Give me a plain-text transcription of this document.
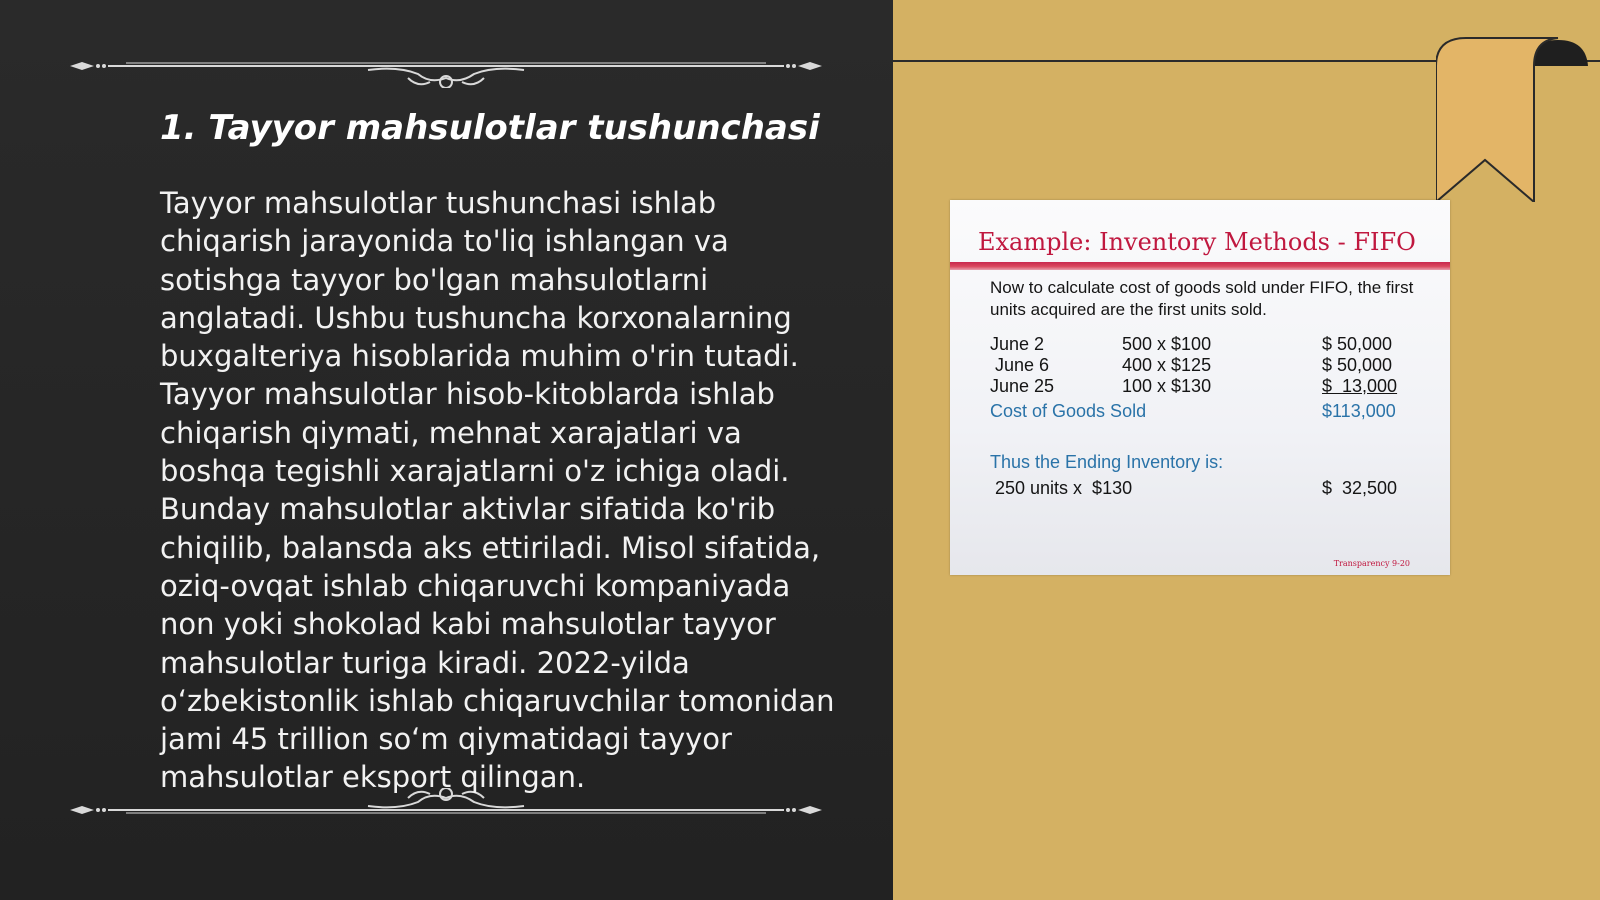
1. Tayyor mahsulotlar tushunchasi

Tayyor mahsulotlar tushunchasi ishlab chiqarish jarayonida to'liq ishlangan va sotishga tayyor bo'lgan mahsulotlarni anglatadi. Ushbu tushuncha korxonalarning buxgalteriya hisoblarida muhim o'rin tutadi. Tayyor mahsulotlar hisob-kitoblarda ishlab chiqarish qiymati, mehnat xarajatlari va boshqa tegishli xarajatlarni o'z ichiga oladi. Bunday mahsulotlar aktivlar sifatida ko'rib chiqilib, balansda aks ettiriladi. Misol sifatida, oziq-ovqat ishlab chiqaruvchi kompaniyada non yoki shokolad kabi mahsulotlar tayyor mahsulotlar turiga kiradi. 2022-yilda o‘zbekistonlik ishlab chiqaruvchilar tomonidan jami 45 trillion so‘m qiymatidagi tayyor mahsulotlar eksport qilingan.

Example: Inventory Methods - FIFO

Now to calculate cost of goods sold under FIFO, the first units acquired are the first units sold.

June 2	500 x $100	$ 50,000
June 6	400 x $125	$ 50,000
June 25	100 x $130	$  13,000
Cost of Goods Sold	$113,000
Thus the Ending Inventory is:
250 units x  $130	$  32,500
Transparency 9-20
